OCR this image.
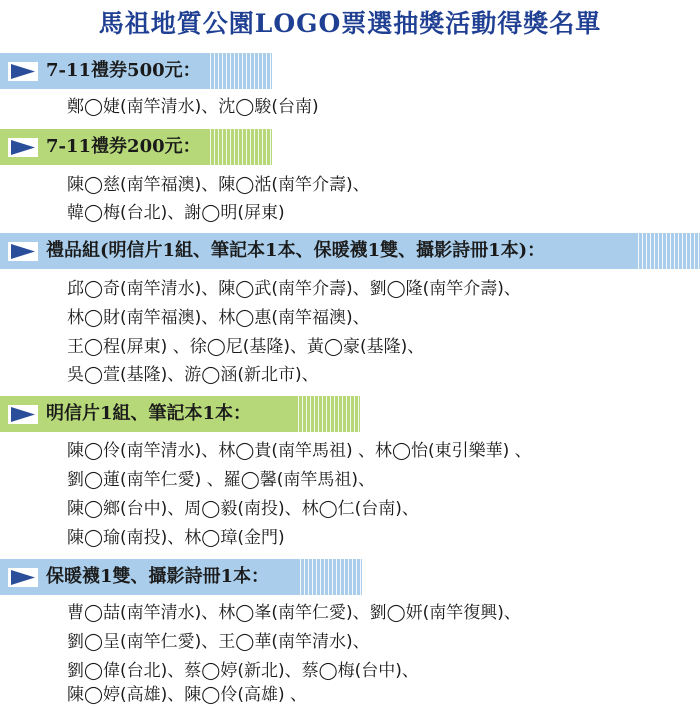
馬祖地質公園LOGO票選抽獎活動得獎名單
7-11禮券500元：
鄭◯婕(南竿清水)、沈◯駿(台南)
7-11禮券200元：
陳◯慈(南竿福澳)、陳◯湉(南竿介壽)、
韓◯梅(台北)、謝◯明(屏東)
禮品組(明信片1組、筆記本1本、保暖襪1雙、攝影詩冊1本)：
邱◯奇(南竿清水)、陳◯武(南竿介壽)、劉◯隆(南竿介壽)、
林◯財(南竿福澳)、林◯惠(南竿福澳)、
王◯程(屏東) 、徐◯尼(基隆)、黃◯豪(基隆)、
吳◯萱(基隆)、游◯涵(新北市)、
明信片1組、筆記本1本：
陳◯伶(南竿清水)、林◯貴(南竿馬祖) 、林◯怡(東引樂華) 、
劉◯蓮(南竿仁愛) 、羅◯馨(南竿馬祖)、
陳◯鄉(台中)、周◯毅(南投)、林◯仁(台南)、
陳◯瑜(南投)、林◯璋(金門)
保暖襪1雙、攝影詩冊1本：
曹◯喆(南竿清水)、林◯峯(南竿仁愛)、劉◯妍(南竿復興)、
劉◯呈(南竿仁愛)、王◯華(南竿清水)、
劉◯偉(台北)、蔡◯婷(新北)、蔡◯梅(台中)、
陳◯婷(高雄)、陳◯伶(高雄) 、
